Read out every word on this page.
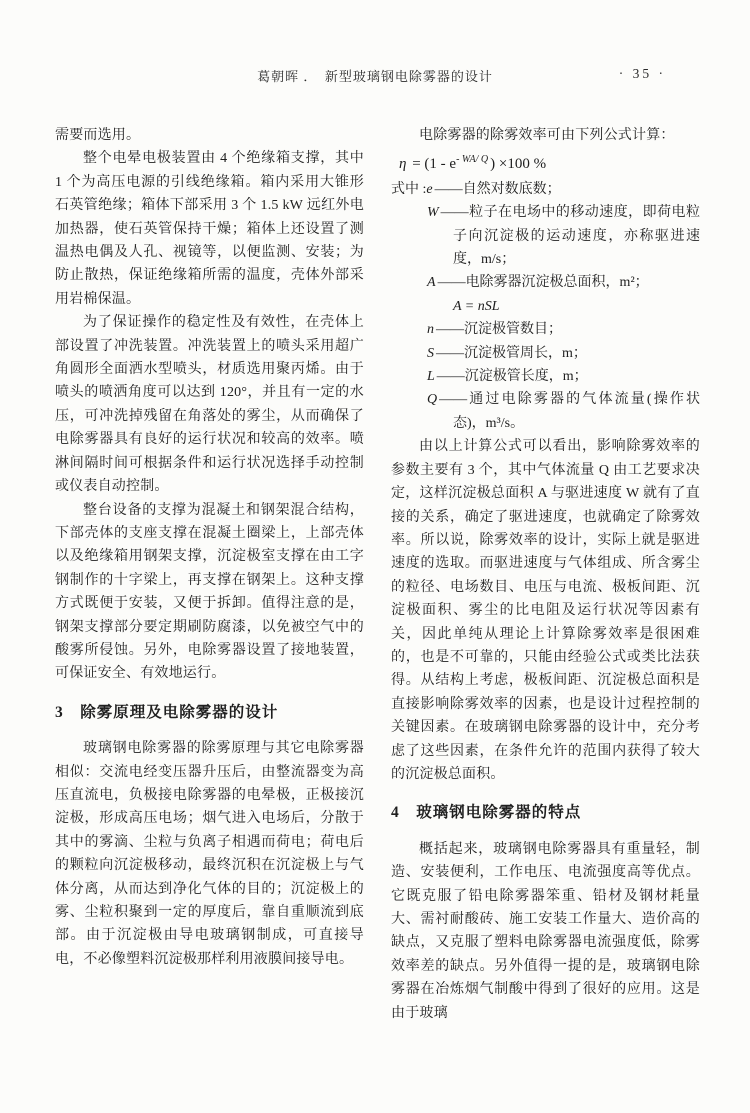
葛朝晖 ．　新型玻璃钢电除雾器的设计	· 35 ·

需要而选用。

整个电晕电极装置由 4 个绝缘箱支撑，其中 1 个为高压电源的引线绝缘箱。箱内采用大锥形石英管绝缘；箱体下部采用 3 个 1.5 kW 远红外电加热器，使石英管保持干燥；箱体上还设置了测温热电偶及人孔、视镜等，以便监测、安装；为防止散热，保证绝缘箱所需的温度，壳体外部采用岩棉保温。

为了保证操作的稳定性及有效性，在壳体上部设置了冲洗装置。冲洗装置上的喷头采用超广角圆形全面洒水型喷头，材质选用聚丙烯。由于喷头的喷洒角度可以达到 120°，并且有一定的水压，可冲洗掉残留在角落处的雾尘，从而确保了电除雾器具有良好的运行状况和较高的效率。喷淋间隔时间可根据条件和运行状况选择手动控制或仪表自动控制。

整台设备的支撑为混凝土和钢架混合结构，下部壳体的支座支撑在混凝土圈梁上，上部壳体以及绝缘箱用钢架支撑，沉淀极室支撑在由工字钢制作的十字梁上，再支撑在钢架上。这种支撑方式既便于安装，又便于拆卸。值得注意的是，钢架支撑部分要定期刷防腐漆，以免被空气中的酸雾所侵蚀。另外，电除雾器设置了接地装置，可保证安全、有效地运行。

3　除雾原理及电除雾器的设计

玻璃钢电除雾器的除雾原理与其它电除雾器相似：交流电经变压器升压后，由整流器变为高压直流电，负极接电除雾器的电晕极，正极接沉淀极，形成高压电场；烟气进入电场后，分散于其中的雾滴、尘粒与负离子相遇而荷电；荷电后的颗粒向沉淀极移动，最终沉积在沉淀极上与气体分离，从而达到净化气体的目的；沉淀极上的雾、尘粒积聚到一定的厚度后，靠自重顺流到底部。由于沉淀极由导电玻璃钢制成，可直接导电，不必像塑料沉淀极那样利用液膜间接导电。

电除雾器的除雾效率可由下列公式计算：

$\eta = (1 - e^{- WA/ Q}$ ) ×100 %
式中 :e ——自然对数底数；
W ——粒子在电场中的移动速度，即荷电粒子向沉淀极的运动速度，亦称驱进速度，m/s；
A ——电除雾器沉淀极总面积，m²；
A = nSL
n ——沉淀极管数目；
S ——沉淀极管周长，m；
L ——沉淀极管长度，m；
Q ——通过电除雾器的气体流量(操作状态)，m³/s。

由以上计算公式可以看出，影响除雾效率的参数主要有 3 个，其中气体流量 Q 由工艺要求决定，这样沉淀极总面积 A 与驱进速度 W 就有了直接的关系，确定了驱进速度，也就确定了除雾效率。所以说，除雾效率的设计，实际上就是驱进速度的选取。而驱进速度与气体组成、所含雾尘的粒径、电场数目、电压与电流、极板间距、沉淀极面积、雾尘的比电阻及运行状况等因素有关，因此单纯从理论上计算除雾效率是很困难的，也是不可靠的，只能由经验公式或类比法获得。从结构上考虑，极板间距、沉淀极总面积是直接影响除雾效率的因素，也是设计过程控制的关键因素。在玻璃钢电除雾器的设计中，充分考虑了这些因素，在条件允许的范围内获得了较大的沉淀极总面积。

4　玻璃钢电除雾器的特点

概括起来，玻璃钢电除雾器具有重量轻，制造、安装便利，工作电压、电流强度高等优点。它既克服了铅电除雾器笨重、铅材及钢材耗量大、需衬耐酸砖、施工安装工作量大、造价高的缺点，又克服了塑料电除雾器电流强度低，除雾效率差的缺点。另外值得一提的是，玻璃钢电除雾器在冶炼烟气制酸中得到了很好的应用。这是由于玻璃
